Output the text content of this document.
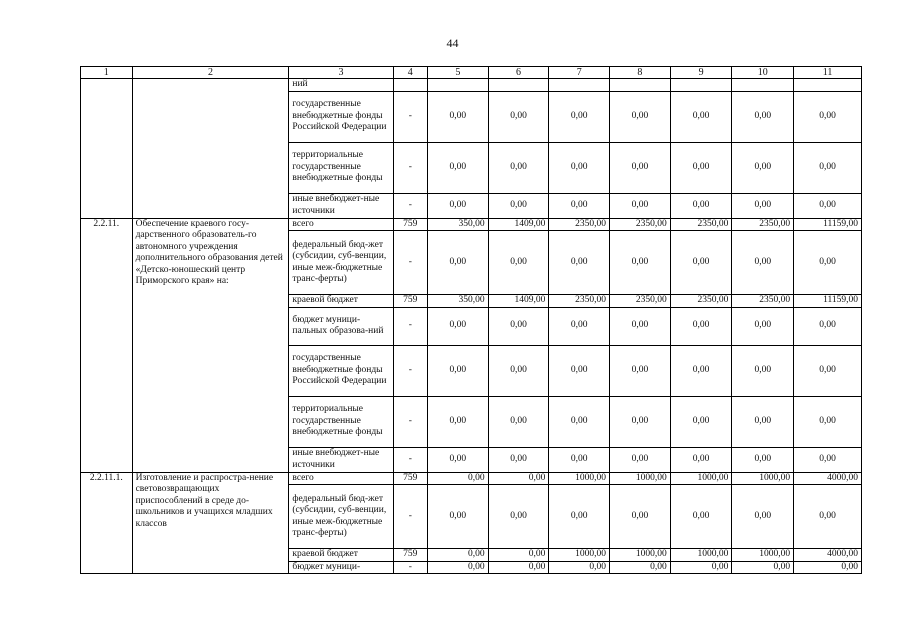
44
1	2	3	4	5	6	7	8	9	10	11
		ний								
		государственные внебюджетные фонды Российской Федерации	-	0,00	0,00	0,00	0,00	0,00	0,00	0,00
		территориальные государственные внебюджетные фонды	-	0,00	0,00	0,00	0,00	0,00	0,00	0,00
		иные внебюджет-ные источники	-	0,00	0,00	0,00	0,00	0,00	0,00	0,00
2.2.11.	Обеспечение краевого госу-дарственного образователь-го автономного учреждения дополнительного образования детей «Детско-юношеский центр Приморского края» на:	всего	759	350,00	1409,00	2350,00	2350,00	2350,00	2350,00	11159,00
		федеральный бюд-жет (субсидии, суб-венции, иные меж-бюджетные транс-ферты)	-	0,00	0,00	0,00	0,00	0,00	0,00	0,00
		краевой бюджет	759	350,00	1409,00	2350,00	2350,00	2350,00	2350,00	11159,00
		бюджет муници-пальных образова-ний	-	0,00	0,00	0,00	0,00	0,00	0,00	0,00
		государственные внебюджетные фонды Российской Федерации	-	0,00	0,00	0,00	0,00	0,00	0,00	0,00
		территориальные государственные внебюджетные фонды	-	0,00	0,00	0,00	0,00	0,00	0,00	0,00
		иные внебюджет-ные источники	-	0,00	0,00	0,00	0,00	0,00	0,00	0,00
2.2.11.1.	Изготовление и распростра-нение световозвращающих приспособлений в среде до-школьников и учащихся младших классов	всего	759	0,00	0,00	1000,00	1000,00	1000,00	1000,00	4000,00
		федеральный бюд-жет (субсидии, суб-венции, иные меж-бюджетные транс-ферты)	-	0,00	0,00	0,00	0,00	0,00	0,00	0,00
		краевой бюджет	759	0,00	0,00	1000,00	1000,00	1000,00	1000,00	4000,00
		бюджет муници-	-	0,00	0,00	0,00	0,00	0,00	0,00	0,00
